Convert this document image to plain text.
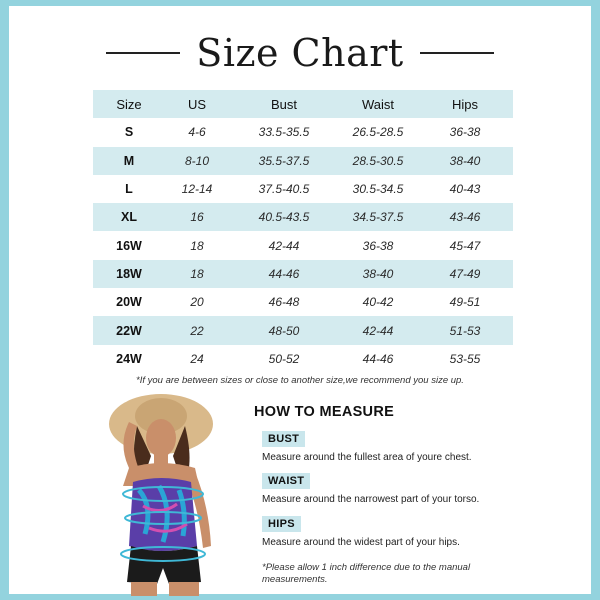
Size Chart
Size	US	Bust	Waist	Hips
S	4-6	33.5-35.5	26.5-28.5	36-38
M	8-10	35.5-37.5	28.5-30.5	38-40
L	12-14	37.5-40.5	30.5-34.5	40-43
XL	16	40.5-43.5	34.5-37.5	43-46
16W	18	42-44	36-38	45-47
18W	18	44-46	38-40	47-49
20W	20	46-48	40-42	49-51
22W	22	48-50	42-44	51-53
24W	24	50-52	44-46	53-55
*If you are between sizes or close to another size,we recommend you size up.
HOW TO MEASURE
BUST
Measure around the fullest area of youre chest.
WAIST
Measure around the narrowest part of your torso.
HIPS
Measure around the widest part of your hips.
*Please allow 1 inch difference due to the manual measurements.
